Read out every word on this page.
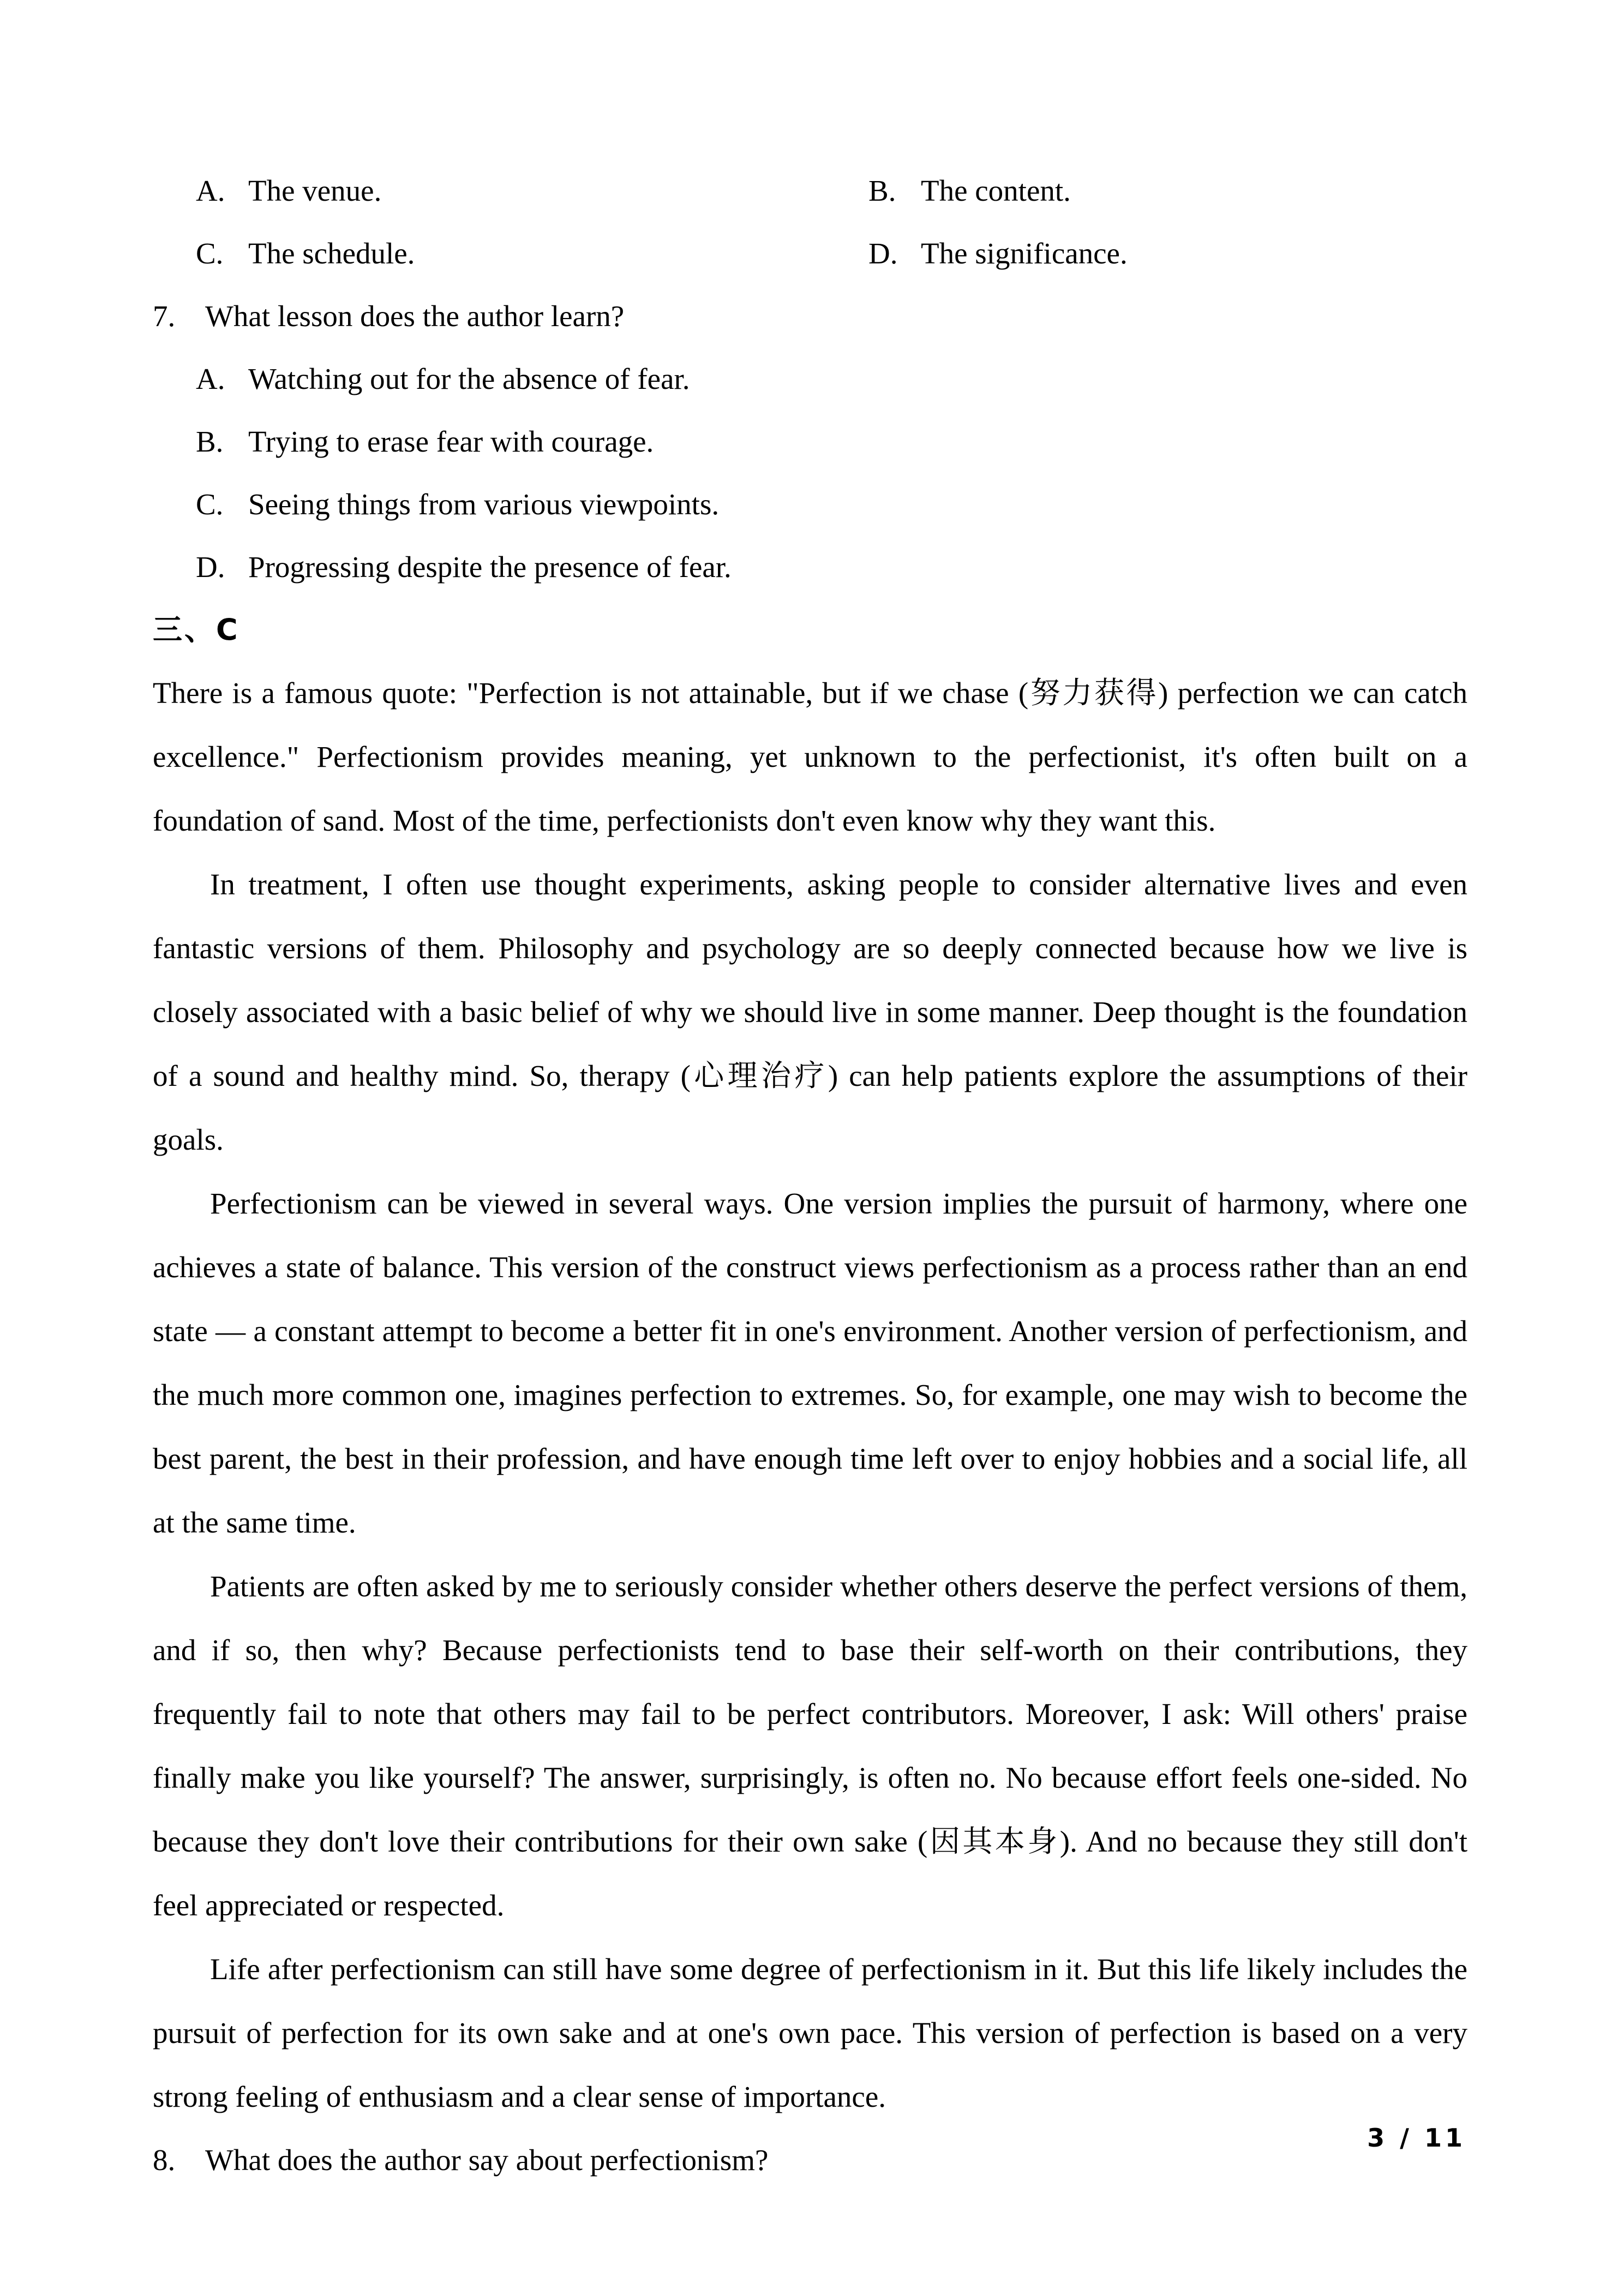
A. The venue.	B. The content.
C. The schedule.	D. The significance.
7. What lesson does the author learn?
A. Watching out for the absence of fear.
B. Trying to erase fear with courage.
C. Seeing things from various viewpoints.
D. Progressing despite the presence of fear.
三、C

There is a famous quote: "Perfection is not attainable, but if we chase (努力获得) perfection we can catch excellence." Perfectionism provides meaning, yet unknown to the perfectionist, it's often built on a foundation of sand. Most of the time, perfectionists don't even know why they want this.

In treatment, I often use thought experiments, asking people to consider alternative lives and even fantastic versions of them. Philosophy and psychology are so deeply connected because how we live is closely associated with a basic belief of why we should live in some manner. Deep thought is the foundation of a sound and healthy mind. So, therapy (心理治疗) can help patients explore the assumptions of their goals.

Perfectionism can be viewed in several ways. One version implies the pursuit of harmony, where one achieves a state of balance. This version of the construct views perfectionism as a process rather than an end state — a constant attempt to become a better fit in one's environment. Another version of perfectionism, and the much more common one, imagines perfection to extremes. So, for example, one may wish to become the best parent, the best in their profession, and have enough time left over to enjoy hobbies and a social life, all at the same time.

Patients are often asked by me to seriously consider whether others deserve the perfect versions of them, and if so, then why? Because perfectionists tend to base their self-worth on their contributions, they frequently fail to note that others may fail to be perfect contributors. Moreover, I ask: Will others' praise finally make you like yourself? The answer, surprisingly, is often no. No because effort feels one-sided. No because they don't love their contributions for their own sake (因其本身). And no because they still don't feel appreciated or respected.

Life after perfectionism can still have some degree of perfectionism in it. But this life likely includes the pursuit of perfection for its own sake and at one's own pace. This version of perfection is based on a very strong feeling of enthusiasm and a clear sense of importance.

8. What does the author say about perfectionism?
3 / 11
